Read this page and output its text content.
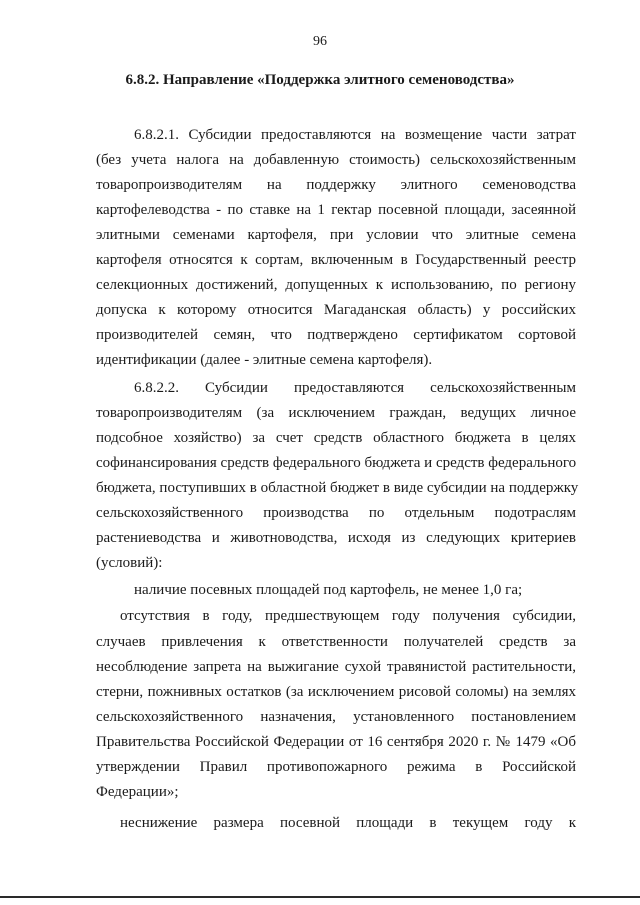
96
6.8.2. Направление «Поддержка элитного семеноводства»
6.8.2.1. Субсидии предоставляются на возмещение части затрат
(без учета налога на добавленную стоимость) сельскохозяйственным
товаропроизводителям на поддержку элитного семеноводства
картофелеводства - по ставке на 1 гектар посевной площади, засеянной
элитными семенами картофеля, при условии что элитные семена
картофеля относятся к сортам, включенным в Государственный реестр
селекционных достижений, допущенных к использованию, по региону
допуска к которому относится Магаданская область) у российских
производителей семян, что подтверждено сертификатом сортовой
идентификации (далее - элитные семена картофеля).
6.8.2.2. Субсидии предоставляются сельскохозяйственным
товаропроизводителям (за исключением граждан, ведущих личное
подсобное хозяйство) за счет средств областного бюджета в целях
софинансирования средств федерального бюджета и средств федерального
бюджета, поступивших в областной бюджет в виде субсидии на поддержку
сельскохозяйственного производства по отдельным подотраслям
растениеводства и животноводства, исходя из следующих критериев
(условий):
наличие посевных площадей под картофель, не менее 1,0 га;
отсутствия в году, предшествующем году получения субсидии,
случаев привлечения к ответственности получателей средств за
несоблюдение запрета на выжигание сухой травянистой растительности,
стерни, пожнивных остатков (за исключением рисовой соломы) на землях
сельскохозяйственного назначения, установленного постановлением
Правительства Российской Федерации от 16 сентября 2020 г. № 1479 «Об
утверждении Правил противопожарного режима в Российской
Федерации»;
неснижение размера посевной площади в текущем году к
